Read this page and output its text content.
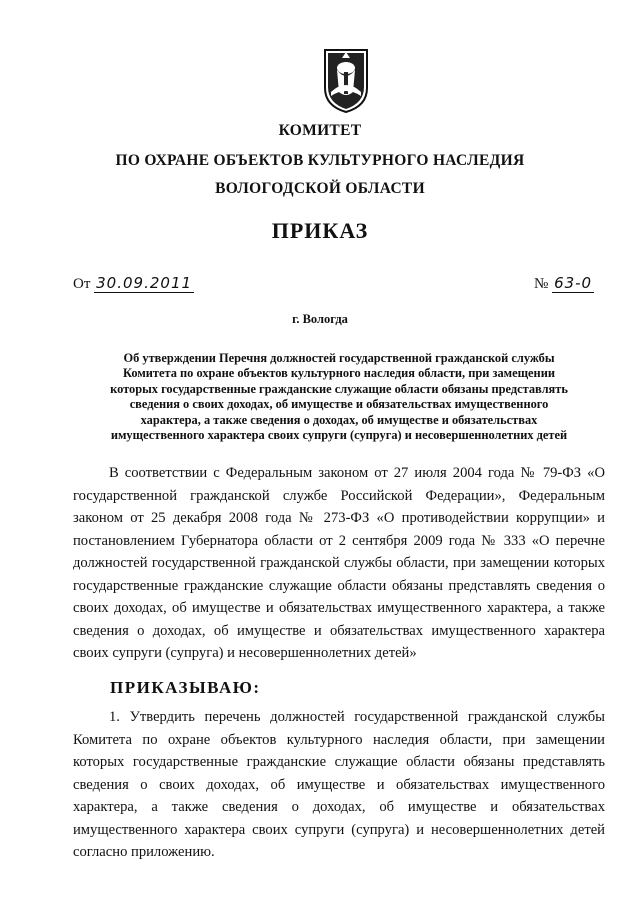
КОМИТЕТ
ПО ОХРАНЕ ОБЪЕКТОВ КУЛЬТУРНОГО НАСЛЕДИЯ
ВОЛОГОДСКОЙ ОБЛАСТИ
ПРИКАЗ
От 30.09.2011	№ 63-0
г. Вологда
Об утверждении Перечня должностей государственной гражданской службы Комитета по охране объектов культурного наследия области, при замещении которых государственные гражданские служащие области обязаны представлять сведения о своих доходах, об имуществе и обязательствах имущественного характера, а также сведения о доходах, об имуществе и обязательствах имущественного характера своих супруги (супруга) и несовершеннолетних детей
В соответствии с Федеральным законом от 27 июля 2004 года № 79-ФЗ «О государственной гражданской службе Российской Федерации», Федеральным законом от 25 декабря 2008 года № 273-ФЗ «О противодействии коррупции» и постановлением Губернатора области от 2 сентября 2009 года № 333 «О перечне должностей государственной гражданской службы области, при замещении которых государственные гражданские служащие области обязаны представлять сведения о своих доходах, об имуществе и обязательствах имущественного характера, а также сведения о доходах, об имуществе и обязательствах имущественного характера своих супруги (супруга) и несовершеннолетних детей»
ПРИКАЗЫВАЮ:
1. Утвердить перечень должностей государственной гражданской службы Комитета по охране объектов культурного наследия области, при замещении которых государственные гражданские служащие области обязаны представлять сведения о своих доходах, об имуществе и обязательствах имущественного характера, а также сведения о доходах, об имуществе и обязательствах имущественного характера своих супруги (супруга) и несовершеннолетних детей согласно приложению.
